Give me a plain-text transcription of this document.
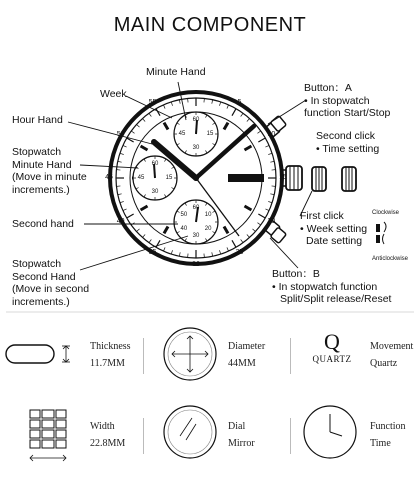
MAIN COMPONENT
5
10
15
20
25
30
35
40
45
50
55
60
15
45
30
60
15
45
30
60
10
20
50
40
30
Minute Hand
Week
Hour Hand
Stopwatch
Minute Hand
(Move in minute
increments.)
Second hand
Stopwatch
Second Hand
(Move in second
increments.)
Button：A
• In stopwatch
function Start/Stop
Second click
• Time setting
First click
• Week setting
Date setting
Button：B
• In stopwatch function
Split/Split release/Reset
Clockwise
Anticlockwise
Thickness
11.7MM
Diameter
44MM
Q
QUARTZ
Movement
Quartz
Width
22.8MM
Dial
Mirror
Function
Time
